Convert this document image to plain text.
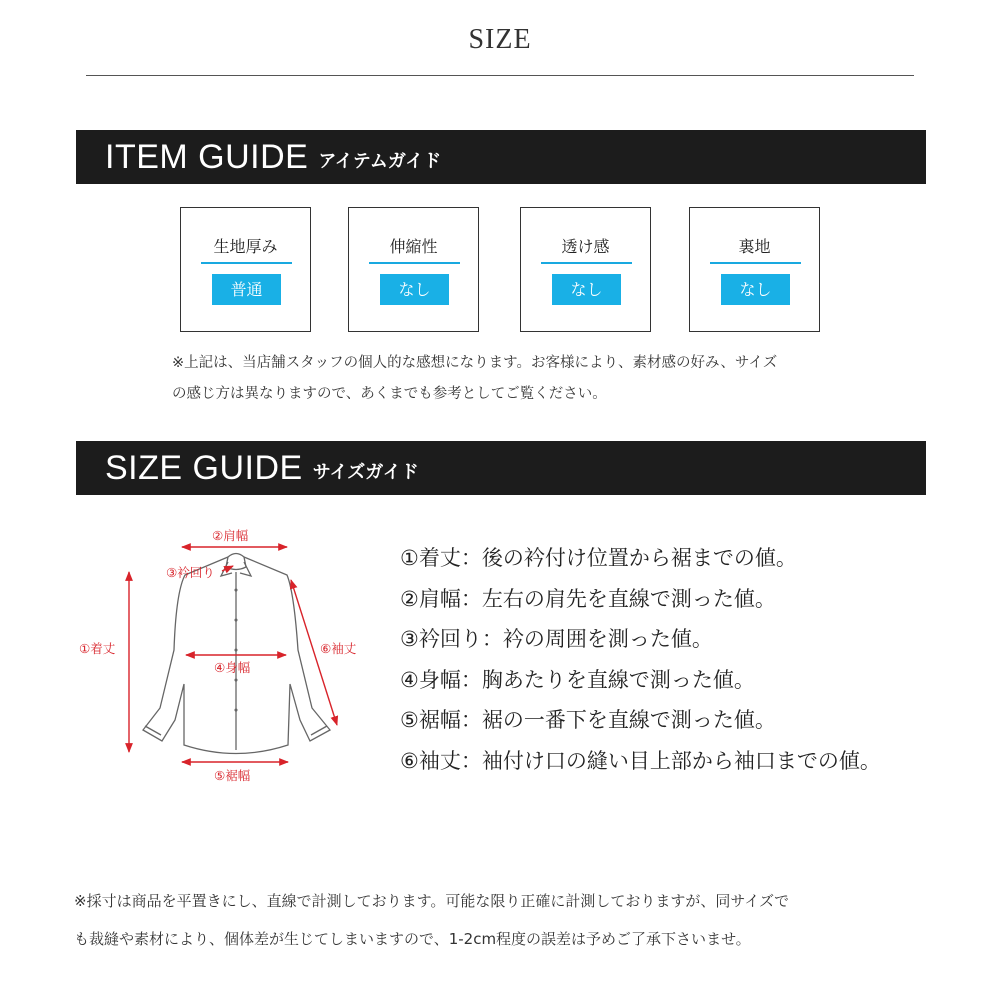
SIZE
ITEM GUIDE アイテムガイド
生地厚み
普通
伸縮性
なし
透け感
なし
裏地
なし
※上記は、当店舗スタッフの個人的な感想になります。お客様により、素材感の好み、サイズ
の感じ方は異なりますので、あくまでも参考としてご覧ください。
SIZE GUIDE サイズガイド
②肩幅
③衿回り
①着丈
④身幅
⑥袖丈
⑤裾幅
①着丈：後の衿付け位置から裾までの値。
②肩幅：左右の肩先を直線で測った値。
③衿回り：衿の周囲を測った値。
④身幅：胸あたりを直線で測った値。
⑤裾幅：裾の一番下を直線で測った値。
⑥袖丈：袖付け口の縫い目上部から袖口までの値。
※採寸は商品を平置きにし、直線で計測しております。可能な限り正確に計測しておりますが、同サイズで
も裁縫や素材により、個体差が生じてしまいますので、1-2cm程度の誤差は予めご了承下さいませ。
